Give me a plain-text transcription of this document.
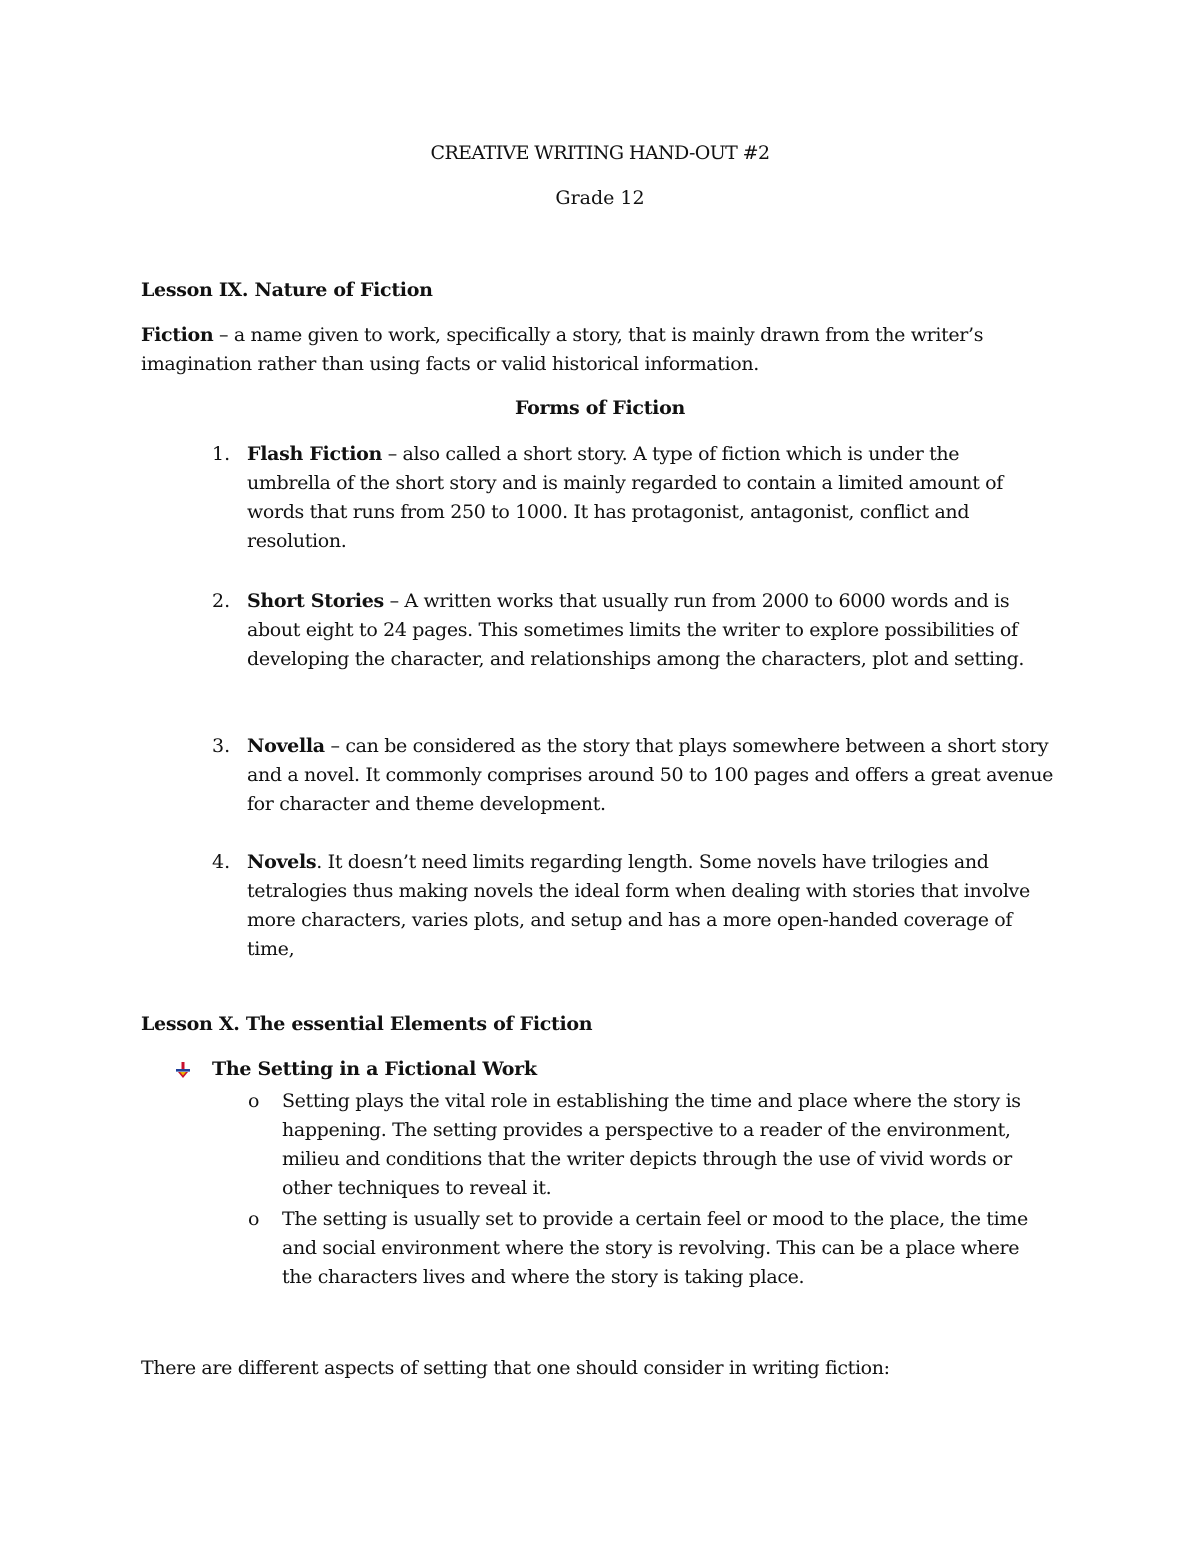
CREATIVE WRITING HAND-OUT #2
Grade 12
Lesson IX. Nature of Fiction
Fiction – a name given to work, specifically a story, that is mainly drawn from the writer’s imagination rather than using facts or valid historical information.
Forms of Fiction
1. Flash Fiction – also called a short story. A type of fiction which is under the umbrella of the short story and is mainly regarded to contain a limited amount of words that runs from 250 to 1000. It has protagonist, antagonist, conflict and resolution.
2. Short Stories – A written works that usually run from 2000 to 6000 words and is about eight to 24 pages. This sometimes limits the writer to explore possibilities of developing the character, and relationships among the characters, plot and setting.
3. Novella – can be considered as the story that plays somewhere between a short story and a novel. It commonly comprises around 50 to 100 pages and offers a great avenue for character and theme development.
4. Novels. It doesn’t need limits regarding length. Some novels have trilogies and tetralogies thus making novels the ideal form when dealing with stories that involve more characters, varies plots, and setup and has a more open-handed coverage of time,
Lesson X. The essential Elements of Fiction
The Setting in a Fictional Work
o Setting plays the vital role in establishing the time and place where the story is happening. The setting provides a perspective to a reader of the environment, milieu and conditions that the writer depicts through the use of vivid words or other techniques to reveal it.
o The setting is usually set to provide a certain feel or mood to the place, the time and social environment where the story is revolving. This can be a place where the characters lives and where the story is taking place.
There are different aspects of setting that one should consider in writing fiction:
